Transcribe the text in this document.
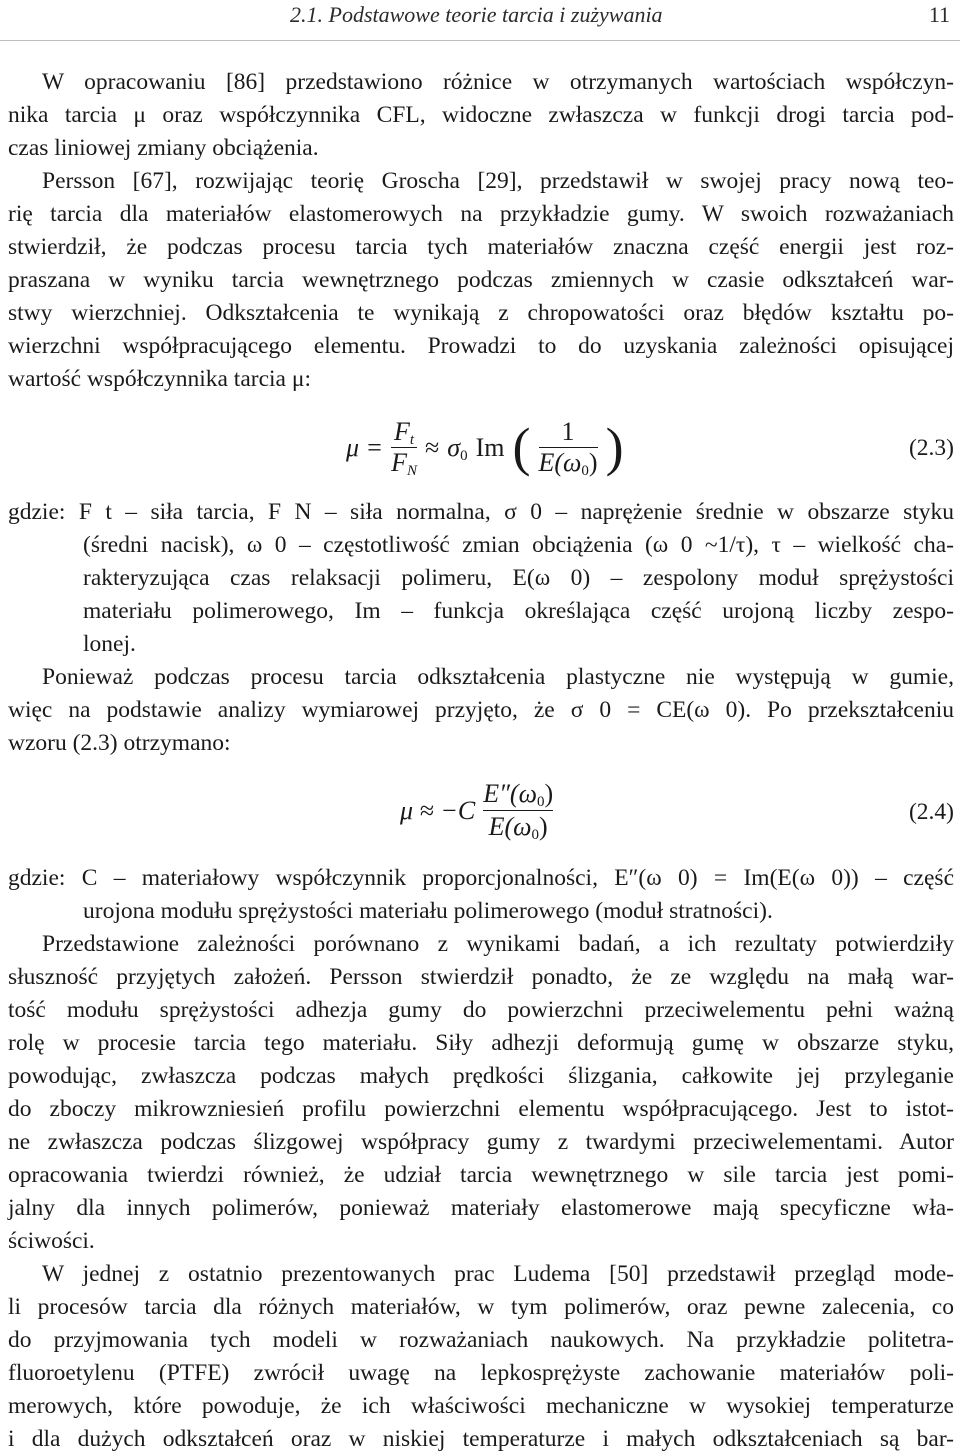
2.1. Podstawowe teorie tarcia i zużywania	11
W opracowaniu [86] przedstawiono różnice w otrzymanych wartościach współczyn-
nika tarcia μ oraz współczynnika CFL, widoczne zwłaszcza w funkcji drogi tarcia pod-
czas liniowej zmiany obciążenia.
Persson [67], rozwijając teorię Groscha [29], przedstawił w swojej pracy nową teo-
rię tarcia dla materiałów elastomerowych na przykładzie gumy. W swoich rozważaniach
stwierdził, że podczas procesu tarcia tych materiałów znaczna część energii jest roz-
praszana w wyniku tarcia wewnętrznego podczas zmiennych w czasie odkształceń war-
stwy wierzchniej. Odkształcenia te wynikają z chropowatości oraz błędów kształtu po-
wierzchni współpracującego elementu. Prowadzi to do uzyskania zależności opisującej
wartość współczynnika tarcia μ:
$\mu = \frac{F_t}{F_N} \approx \sigma_0$ Im ( $\frac{1}{E(\omega_0)}$ )	(2.3)
gdzie: F t – siła tarcia, F N – siła normalna, σ 0 – naprężenie średnie w obszarze styku
(średni nacisk), ω 0 – częstotliwość zmian obciążenia (ω 0 ~1/τ), τ – wielkość cha-
rakteryzująca czas relaksacji polimeru, E(ω 0) – zespolony moduł sprężystości
materiału polimerowego, Im – funkcja określająca część urojoną liczby zespo-
lonej.
Ponieważ podczas procesu tarcia odkształcenia plastyczne nie występują w gumie,
więc na podstawie analizy wymiarowej przyjęto, że σ 0 = CE(ω 0). Po przekształceniu
wzoru (2.3) otrzymano:
$\mu \approx -C \frac{E''(\omega_0)}{E(\omega_0)}$	(2.4)
gdzie: C – materiałowy współczynnik proporcjonalności, E″(ω 0) = Im(E(ω 0)) – część
urojona modułu sprężystości materiału polimerowego (moduł stratności).
Przedstawione zależności porównano z wynikami badań, a ich rezultaty potwierdziły
słuszność przyjętych założeń. Persson stwierdził ponadto, że ze względu na małą war-
tość modułu sprężystości adhezja gumy do powierzchni przeciwelementu pełni ważną
rolę w procesie tarcia tego materiału. Siły adhezji deformują gumę w obszarze styku,
powodując, zwłaszcza podczas małych prędkości ślizgania, całkowite jej przyleganie
do zboczy mikrowzniesień profilu powierzchni elementu współpracującego. Jest to istot-
ne zwłaszcza podczas ślizgowej współpracy gumy z twardymi przeciwelementami. Autor
opracowania twierdzi również, że udział tarcia wewnętrznego w sile tarcia jest pomi-
jalny dla innych polimerów, ponieważ materiały elastomerowe mają specyficzne wła-
ściwości.
W jednej z ostatnio prezentowanych prac Ludema [50] przedstawił przegląd mode-
li procesów tarcia dla różnych materiałów, w tym polimerów, oraz pewne zalecenia, co
do przyjmowania tych modeli w rozważaniach naukowych. Na przykładzie politetra-
fluoroetylenu (PTFE) zwrócił uwagę na lepkosprężyste zachowanie materiałów poli-
merowych, które powoduje, że ich właściwości mechaniczne w wysokiej temperaturze
i dla dużych odkształceń oraz w niskiej temperaturze i małych odkształceniach są bar-
